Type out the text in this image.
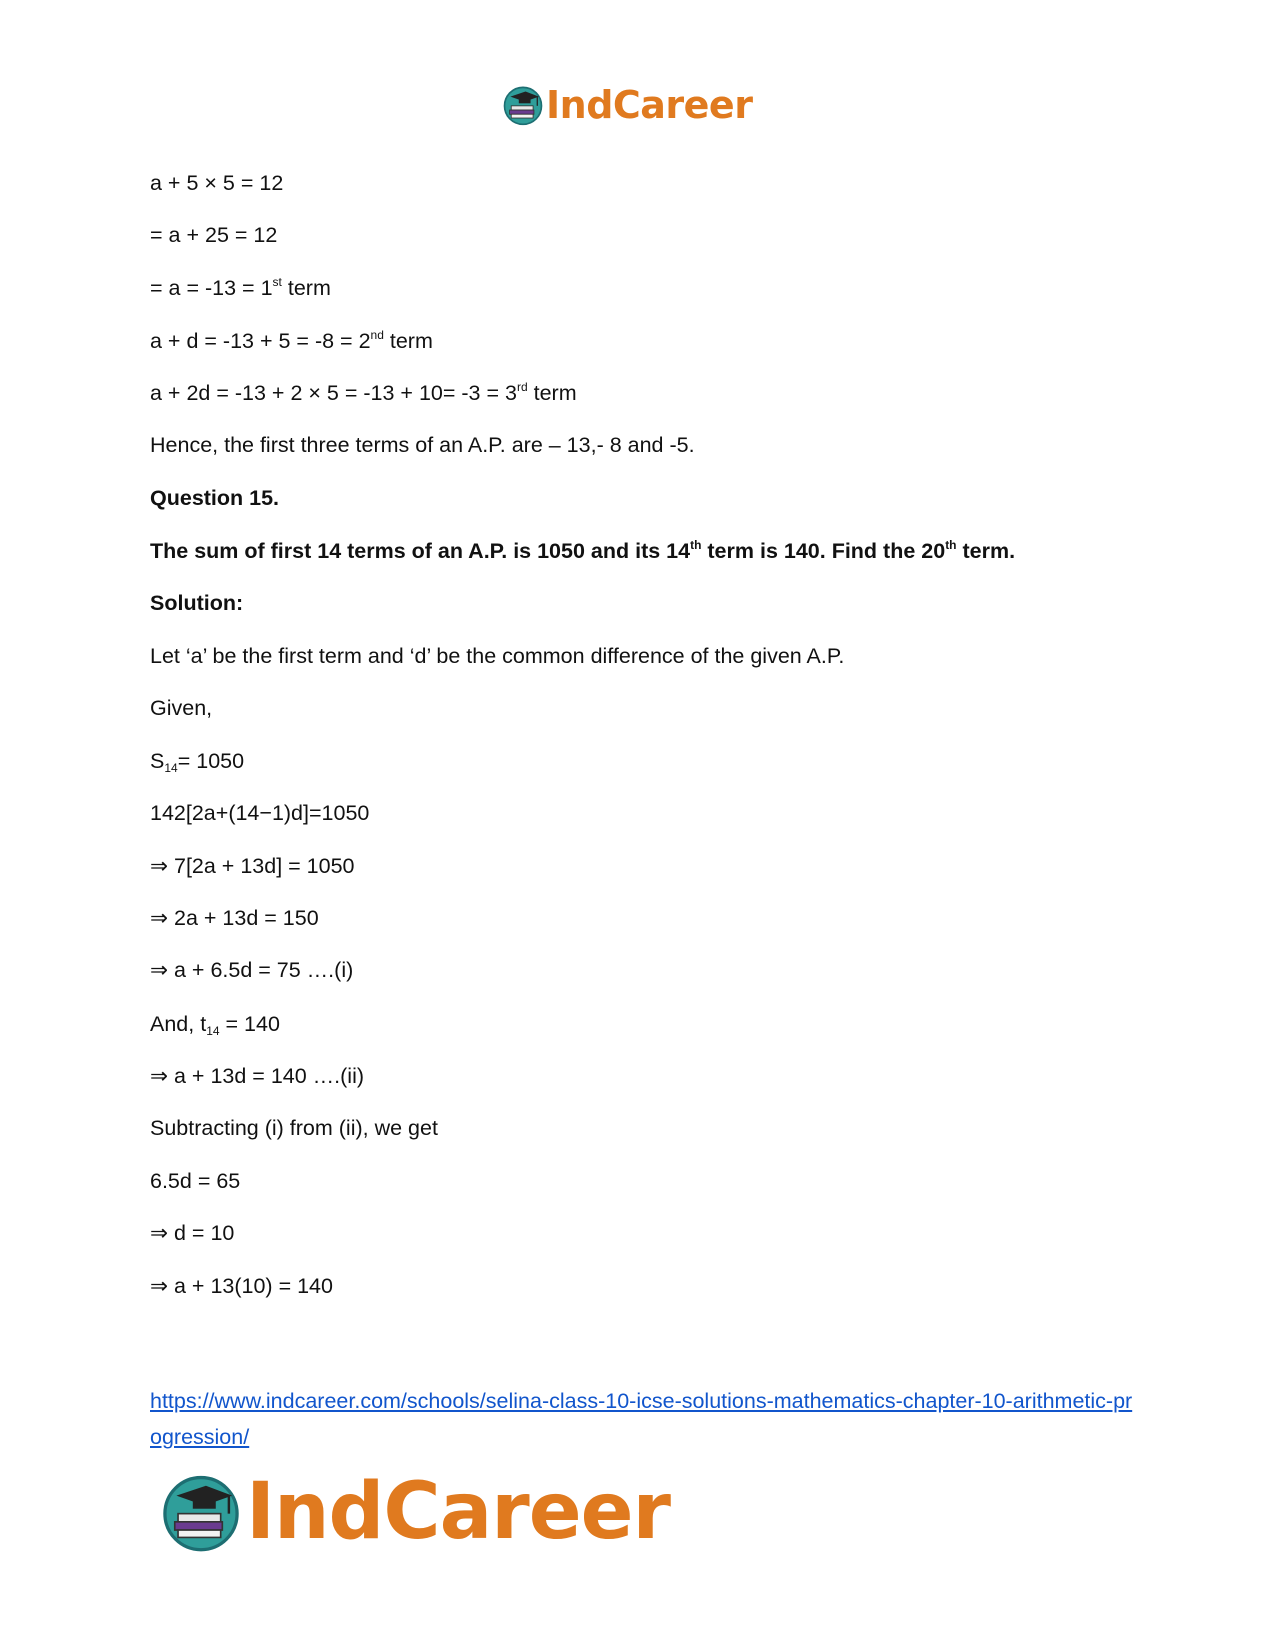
IndCareer
a + 5 × 5 = 12
= a + 25 = 12
= a = -13 = 1st term
a + d = -13 + 5 = -8 = 2nd term
a + 2d = -13 + 2 × 5 = -13 + 10= -3 = 3rd term
Hence, the first three terms of an A.P. are – 13,- 8 and -5.
Question 15.
The sum of first 14 terms of an A.P. is 1050 and its 14th term is 140. Find the 20th term.
Solution:
Let ‘a’ be the first term and ‘d’ be the common difference of the given A.P.
Given,
$S_{14}= 1050$
142[2a+(14−1)d]=1050
⇒ 7[2a + 13d] = 1050
⇒ 2a + 13d = 150
⇒ a + 6.5d = 75 ….(i)
And, $t_{14} = 140$
⇒ a + 13d = 140 ….(ii)
Subtracting (i) from (ii), we get
6.5d = 65
⇒ d = 10
⇒ a + 13(10) = 140
https://www.indcareer.com/schools/selina-class-10-icse-solutions-mathematics-chapter-10-arithmetic-progression/
IndCareer
